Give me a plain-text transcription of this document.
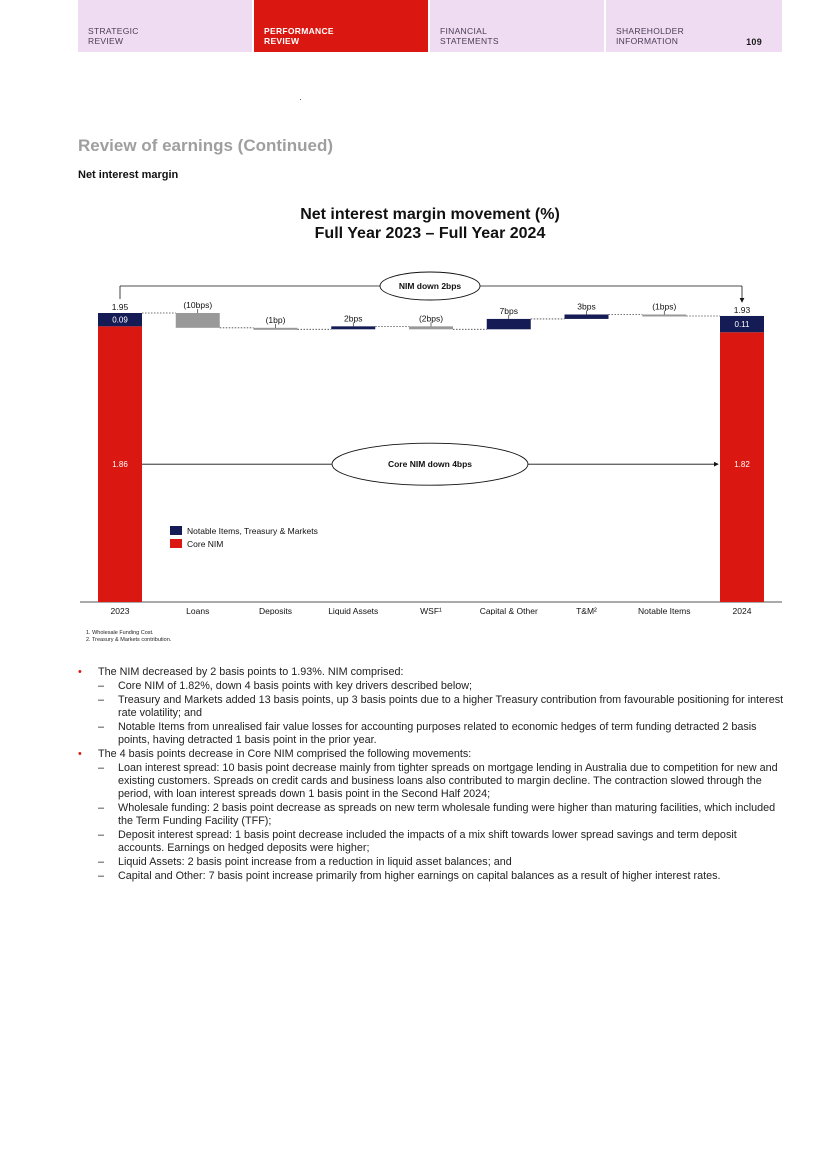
STRATEGIC
REVIEW
PERFORMANCE
REVIEW
FINANCIAL
STATEMENTS
SHAREHOLDER
INFORMATION	109
Review of earnings (Continued)
Net interest margin
Net interest margin movement (%)
Full Year 2023 – Full Year 2024
1.95
0.09
1.86
(10bps)
(1bp)	2bps	(2bps)
7bps	3bps	(1bps)	1.93
0.11
1.82
2023	Loans	Deposits	Liquid Assets	WSF¹	Capital & Other	T&M²	Notable Items	2024
NIM down 2bps
Core NIM down 4bps
Notable Items, Treasury & Markets
Core NIM
1. Wholesale Funding Cost.
2. Treasury & Markets contribution.
• The NIM decreased by 2 basis points to 1.93%. NIM comprised:
– Core NIM of 1.82%, down 4 basis points with key drivers described below;
– Treasury and Markets added 13 basis points, up 3 basis points due to a higher Treasury contribution from favourable positioning for interest rate volatility; and
– Notable Items from unrealised fair value losses for accounting purposes related to economic hedges of term funding detracted 2 basis points, having detracted 1 basis point in the prior year.
• The 4 basis points decrease in Core NIM comprised the following movements:
– Loan interest spread: 10 basis point decrease mainly from tighter spreads on mortgage lending in Australia due to competition for new and existing customers. Spreads on credit cards and business loans also contributed to margin decline. The contraction slowed through the period, with loan interest spreads down 1 basis point in the Second Half 2024;
– Wholesale funding: 2 basis point decrease as spreads on new term wholesale funding were higher than maturing facilities, which included the Term Funding Facility (TFF);
– Deposit interest spread: 1 basis point decrease included the impacts of a mix shift towards lower spread savings and term deposit accounts. Earnings on hedged deposits were higher;
– Liquid Assets: 2 basis point increase from a reduction in liquid asset balances; and
– Capital and Other: 7 basis point increase primarily from higher earnings on capital balances as a result of higher interest rates.
